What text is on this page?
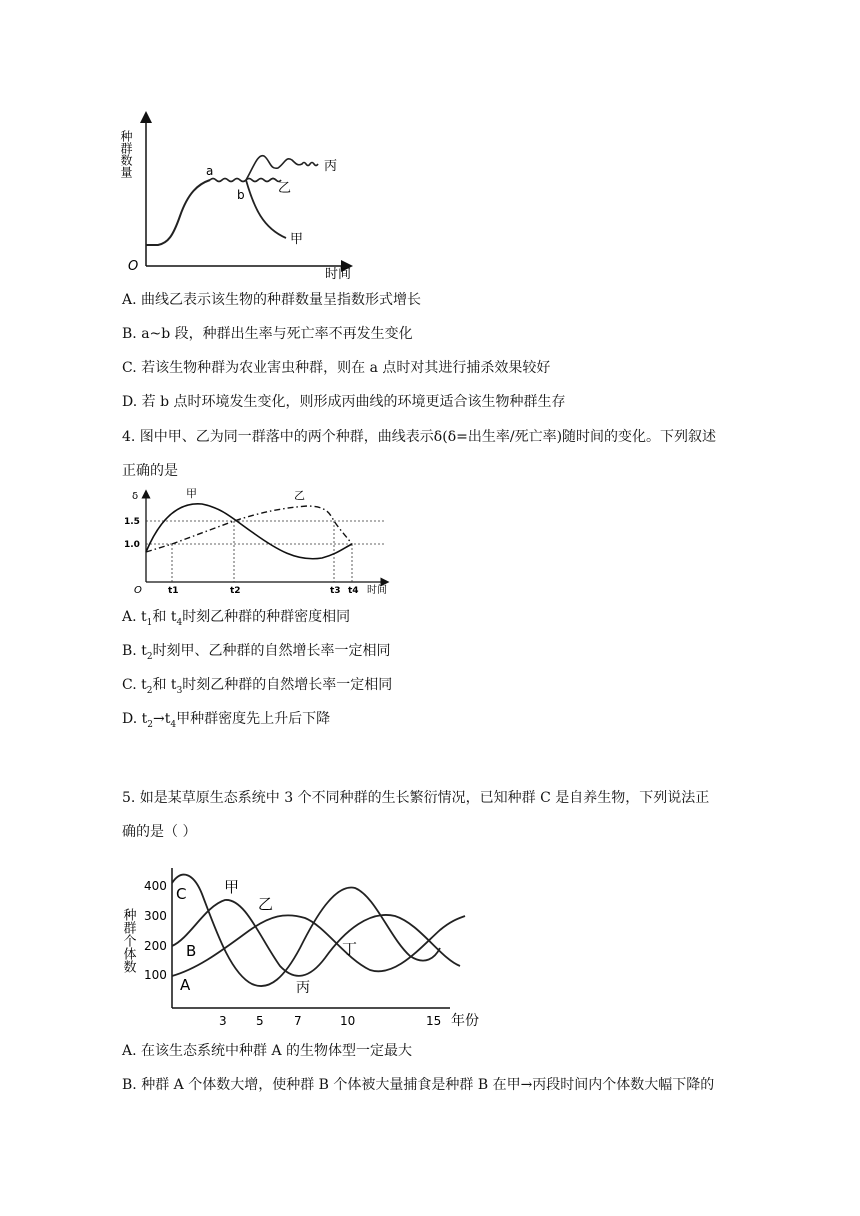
种群数量
时间
O
a
b	乙
丙
甲
A. 曲线乙表示该生物的种群数量呈指数形式增长
B. a~b 段，种群出生率与死亡率不再发生变化
C. 若该生物种群为农业害虫种群，则在 a 点时对其进行捕杀效果较好
D. 若 b 点时环境发生变化，则形成丙曲线的环境更适合该生物种群生存
4. 图中甲、乙为同一群落中的两个种群，曲线表示δ(δ=出生率/死亡率)随时间的变化。下列叙述
正确的是
δ
时间
O
1.5
1.0
甲	乙
t1	t2	t3 t4
A. $t_1$和 $t_4$时刻乙种群的种群密度相同
B. $t_2$时刻甲、乙种群的自然增长率一定相同
C. $t_2$和 $t_3$时刻乙种群的自然增长率一定相同
D. $t_2\to t_4$甲种群密度先上升后下降
5. 如是某草原生态系统中 3 个不同种群的生长繁衍情况，已知种群 C 是自养生物，下列说法正
确的是（ ）
种群个体数
年份
400
300
200
100
3 5	7	10	15
C
B
A
甲
乙
丙
丁
A. 在该生态系统中种群 A 的生物体型一定最大
B. 种群 A 个体数大增，使种群 B 个体被大量捕食是种群 B 在甲→丙段时间内个体数大幅下降的
